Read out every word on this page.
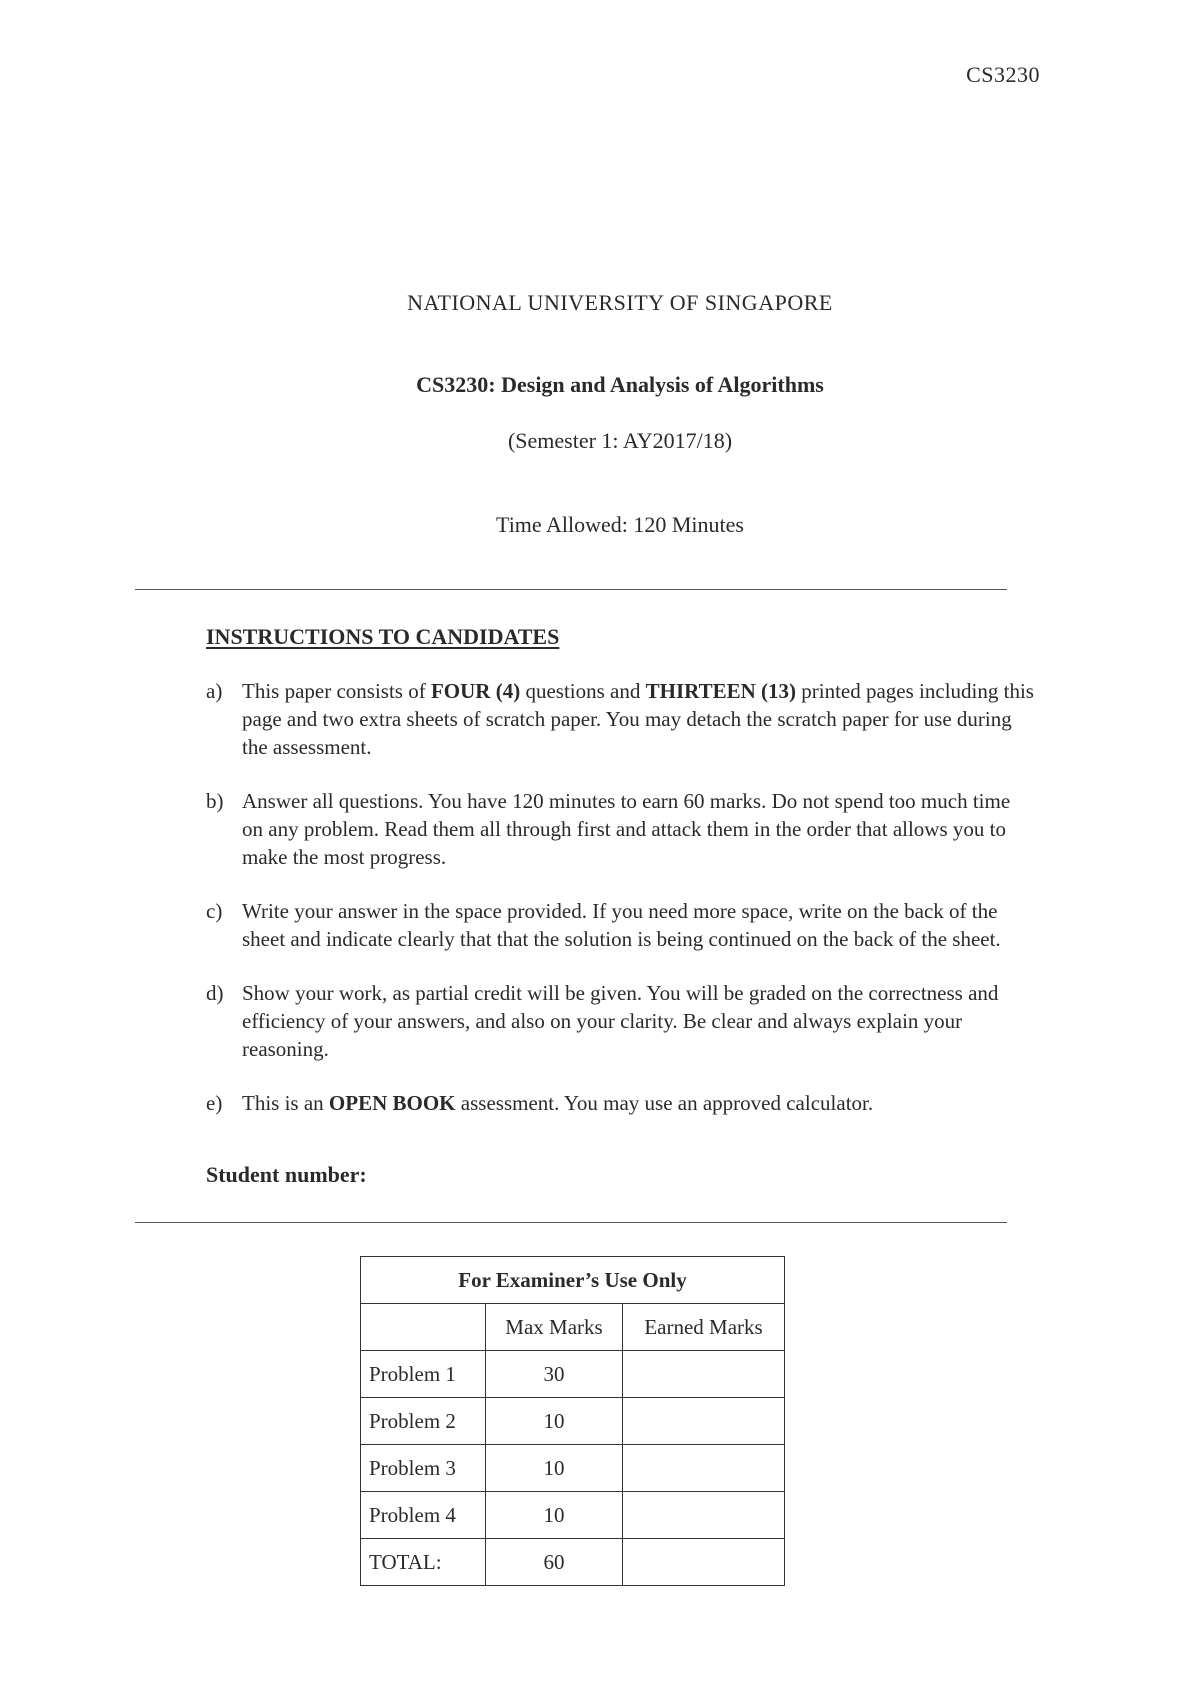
CS3230
NATIONAL UNIVERSITY OF SINGAPORE
CS3230: Design and Analysis of Algorithms
(Semester 1: AY2017/18)
Time Allowed: 120 Minutes
INSTRUCTIONS TO CANDIDATES
a) This paper consists of FOUR (4) questions and THIRTEEN (13) printed pages including this page and two extra sheets of scratch paper. You may detach the scratch paper for use during the assessment.
b) Answer all questions. You have 120 minutes to earn 60 marks. Do not spend too much time on any problem. Read them all through first and attack them in the order that allows you to make the most progress.
c) Write your answer in the space provided. If you need more space, write on the back of the sheet and indicate clearly that that the solution is being continued on the back of the sheet.
d) Show your work, as partial credit will be given. You will be graded on the correctness and efficiency of your answers, and also on your clarity. Be clear and always explain your reasoning.
e) This is an OPEN BOOK assessment. You may use an approved calculator.
Student number:
For Examiner’s Use Only		
	Max Marks	Earned Marks
Problem 1	30	
Problem 2	10	
Problem 3	10	
Problem 4	10	
TOTAL:	60	
